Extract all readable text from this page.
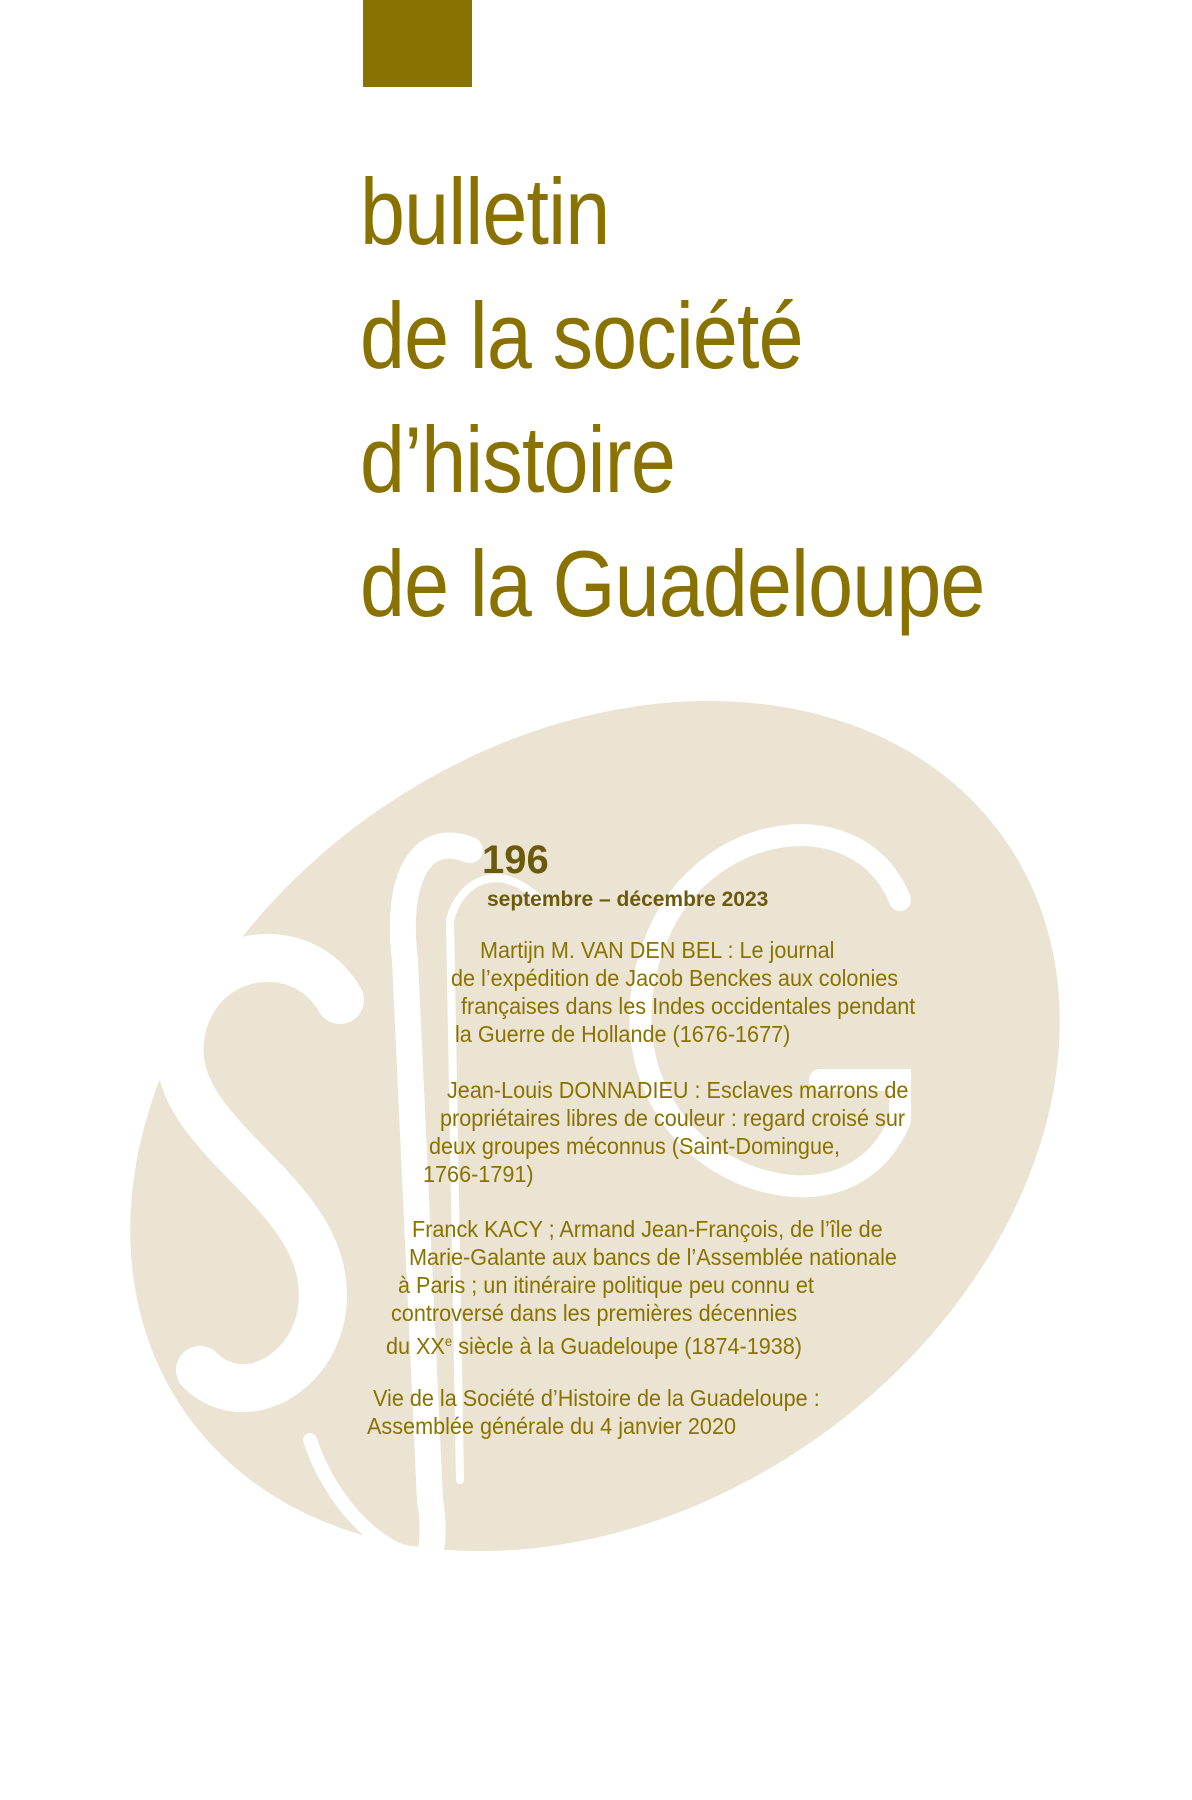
bulletin
de la société
d’histoire
de la Guadeloupe
196
septembre – décembre 2023
Martijn M. VAN DEN BEL : Le journal
de l’expédition de Jacob Benckes aux colonies
françaises dans les Indes occidentales pendant
la Guerre de Hollande (1676-1677)
Jean-Louis DONNADIEU : Esclaves marrons de
propriétaires libres de couleur : regard croisé sur
deux groupes méconnus (Saint-Domingue,
1766-1791)
Franck KACY ; Armand Jean-François, de l’île de
Marie-Galante aux bancs de l’Assemblée nationale
à Paris ; un itinéraire politique peu connu et
controversé dans les premières décennies
du XXe siècle à la Guadeloupe (1874-1938)
Vie de la Société d’Histoire de la Guadeloupe :
Assemblée générale du 4 janvier 2020
